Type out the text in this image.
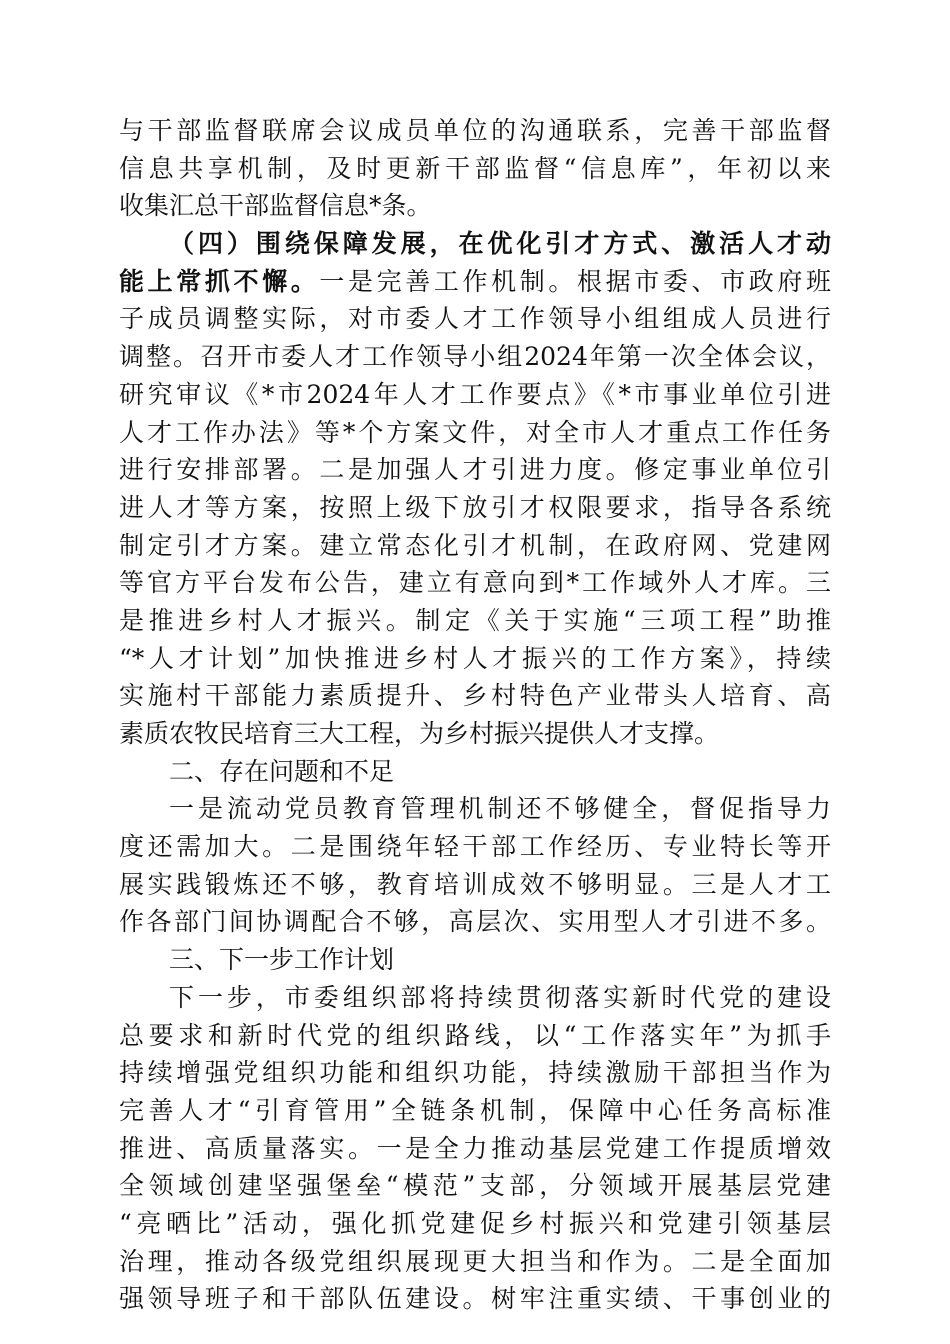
与干部监督联席会议成员单位的沟通联系，完善干部监督
信息共享机制，及时更新干部监督“信息库”，年初以来
收集汇总干部监督信息*条。
（四）围绕保障发展，在优化引才方式、激活人才动
能上常抓不懈。一是完善工作机制。根据市委、市政府班
子成员调整实际，对市委人才工作领导小组组成人员进行
调整。召开市委人才工作领导小组2024年第一次全体会议，
研究审议《*市2024年人才工作要点》《*市事业单位引进
人才工作办法》等*个方案文件，对全市人才重点工作任务
进行安排部署。二是加强人才引进力度。修定事业单位引
进人才等方案，按照上级下放引才权限要求，指导各系统
制定引才方案。建立常态化引才机制，在政府网、党建网
等官方平台发布公告，建立有意向到*工作域外人才库。三
是推进乡村人才振兴。制定《关于实施“三项工程”助推
“*人才计划”加快推进乡村人才振兴的工作方案》，持续
实施村干部能力素质提升、乡村特色产业带头人培育、高
素质农牧民培育三大工程，为乡村振兴提供人才支撑。
二、存在问题和不足
一是流动党员教育管理机制还不够健全，督促指导力
度还需加大。二是围绕年轻干部工作经历、专业特长等开
展实践锻炼还不够，教育培训成效不够明显。三是人才工
作各部门间协调配合不够，高层次、实用型人才引进不多。
三、下一步工作计划
下一步，市委组织部将持续贯彻落实新时代党的建设
总要求和新时代党的组织路线，以“工作落实年”为抓手
持续增强党组织功能和组织功能，持续激励干部担当作为
完善人才“引育管用”全链条机制，保障中心任务高标准
推进、高质量落实。一是全力推动基层党建工作提质增效
全领域创建坚强堡垒“模范”支部，分领域开展基层党建
“亮晒比”活动，强化抓党建促乡村振兴和党建引领基层
治理，推动各级党组织展现更大担当和作为。二是全面加
强领导班子和干部队伍建设。树牢注重实绩、干事创业的
